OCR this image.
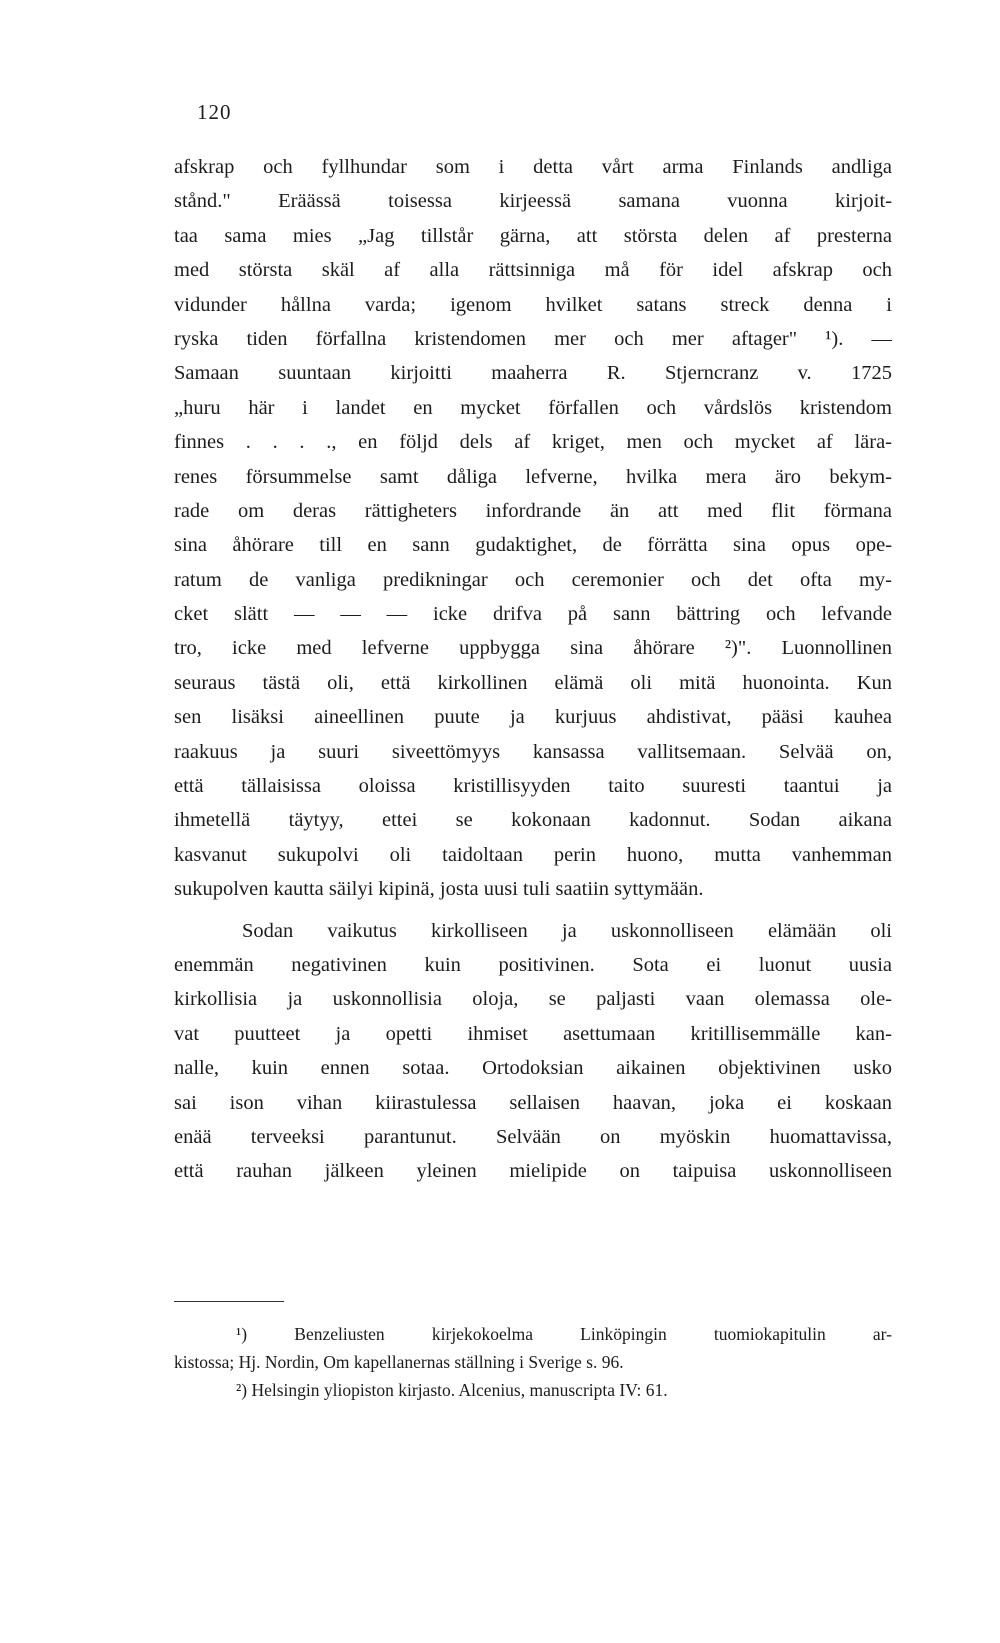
120
afskrap och fyllhundar som i detta vårt arma Finlands andliga
stånd." Eräässä toisessa kirjeessä samana vuonna kirjoit-
taa sama mies „Jag tillstår gärna, att största delen af presterna
med största skäl af alla rättsinniga må för idel afskrap och
vidunder hållna varda; igenom hvilket satans streck denna i
ryska tiden förfallna kristendomen mer och mer aftager" ¹). —
Samaan suuntaan kirjoitti maaherra R. Stjerncranz v. 1725
„huru här i landet en mycket förfallen och vårdslös kristendom
finnes . . . ., en följd dels af kriget, men och mycket af lära-
renes försummelse samt dåliga lefverne, hvilka mera äro bekym-
rade om deras rättigheters infordrande än att med flit förmana
sina åhörare till en sann gudaktighet, de förrätta sina opus ope-
ratum de vanliga predikningar och ceremonier och det ofta my-
cket slätt — — — icke drifva på sann bättring och lefvande
tro, icke med lefverne uppbygga sina åhörare ²)". Luonnollinen
seuraus tästä oli, että kirkollinen elämä oli mitä huonointa. Kun
sen lisäksi aineellinen puute ja kurjuus ahdistivat, pääsi kauhea
raakuus ja suuri siveettömyys kansassa vallitsemaan. Selvää on,
että tällaisissa oloissa kristillisyyden taito suuresti taantui ja
ihmetellä täytyy, ettei se kokonaan kadonnut. Sodan aikana
kasvanut sukupolvi oli taidoltaan perin huono, mutta vanhemman
sukupolven kautta säilyi kipinä, josta uusi tuli saatiin syttymään.
Sodan vaikutus kirkolliseen ja uskonnolliseen elämään oli
enemmän negativinen kuin positivinen. Sota ei luonut uusia
kirkollisia ja uskonnollisia oloja, se paljasti vaan olemassa ole-
vat puutteet ja opetti ihmiset asettumaan kritillisemmälle kan-
nalle, kuin ennen sotaa. Ortodoksian aikainen objektivinen usko
sai ison vihan kiirastulessa sellaisen haavan, joka ei koskaan
enää terveeksi parantunut. Selvään on myöskin huomattavissa,
että rauhan jälkeen yleinen mielipide on taipuisa uskonnolliseen
¹) Benzeliusten kirjekokoelma Linköpingin tuomiokapitulin ar-
kistossa; Hj. Nordin, Om kapellanernas ställning i Sverige s. 96.
²) Helsingin yliopiston kirjasto. Alcenius, manuscripta IV: 61.
